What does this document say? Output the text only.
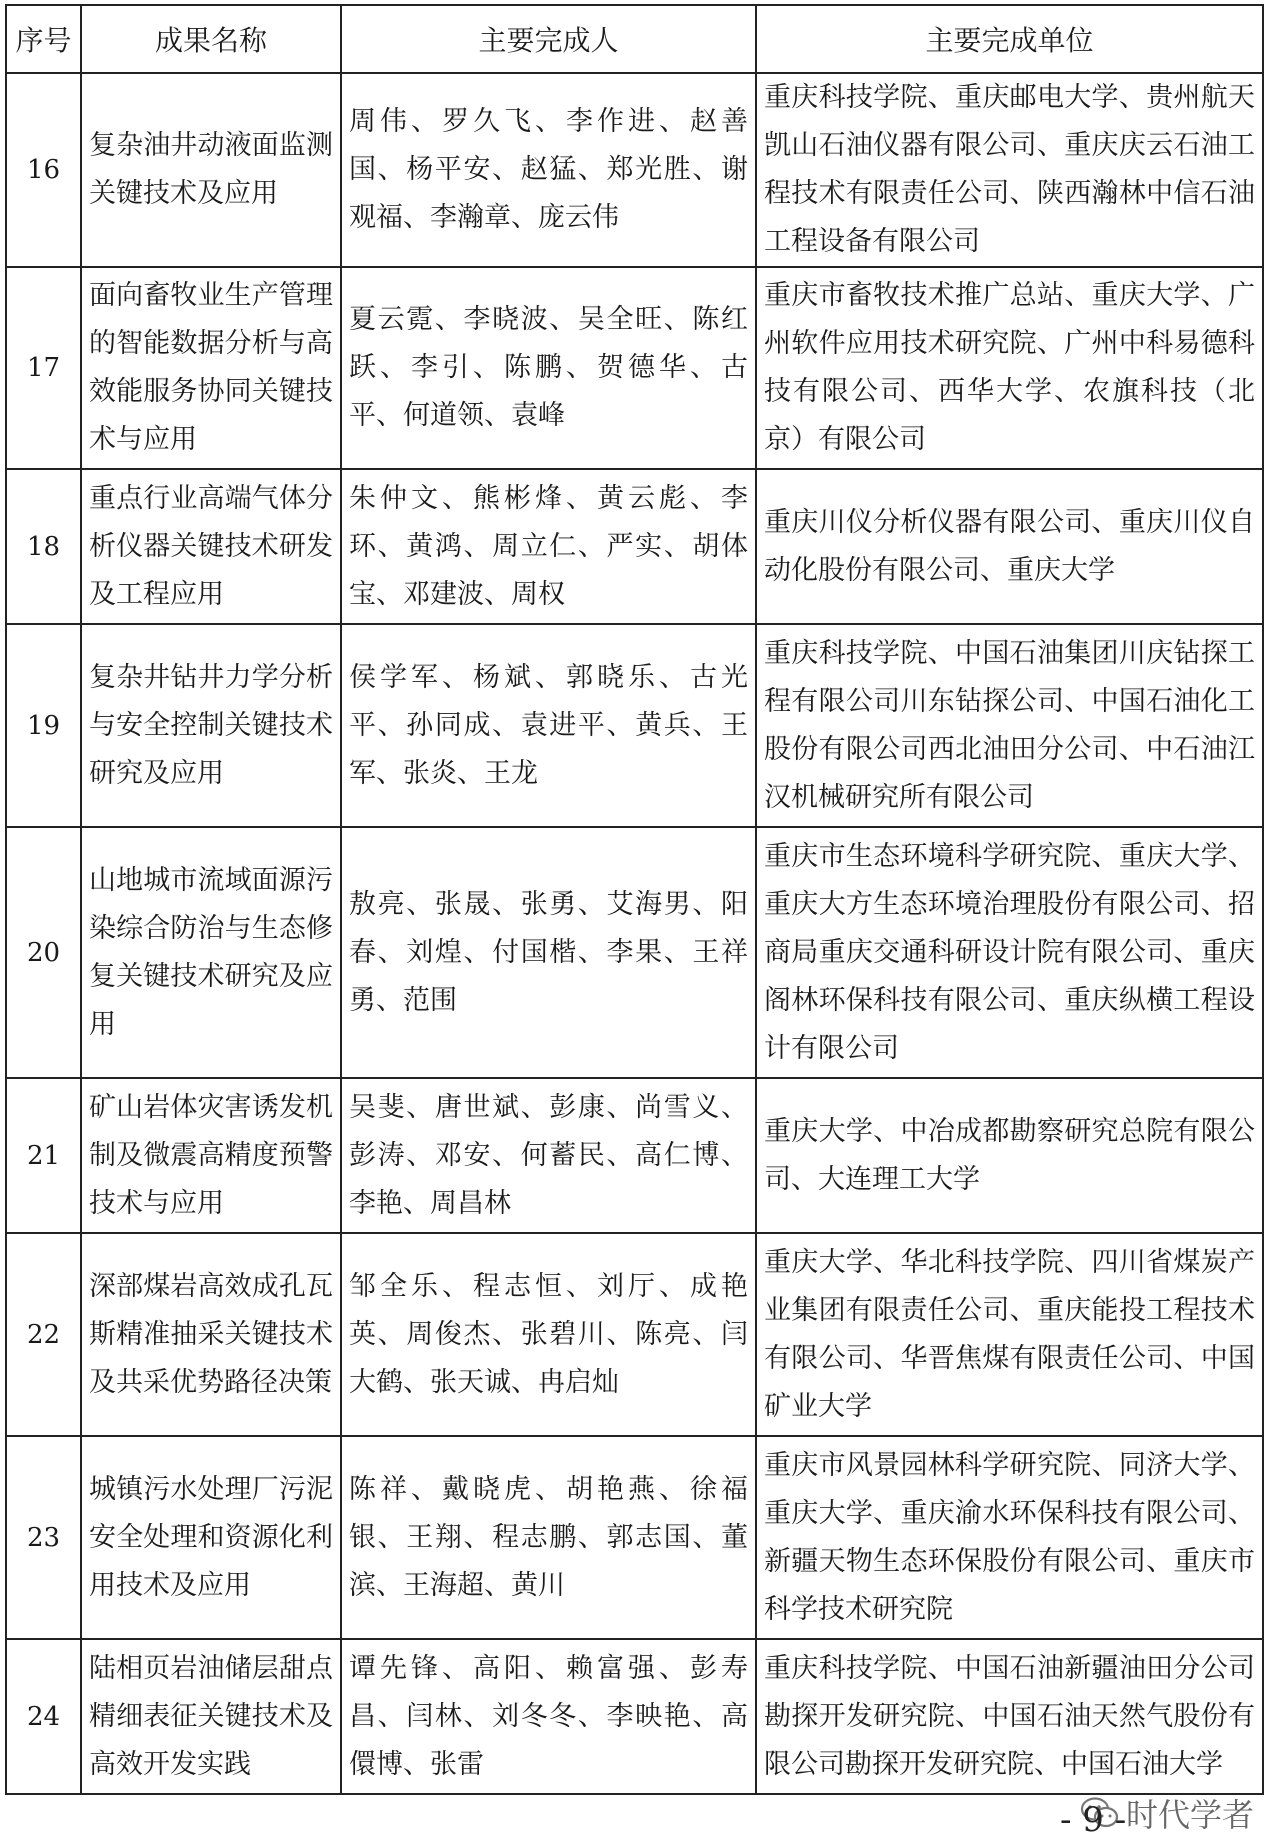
序号	成果名称	主要完成人	主要完成单位
16	复杂油井动液面监测关键技术及应用	周伟、罗久飞、李作进、赵善国、杨平安、赵猛、郑光胜、谢观福、李瀚章、庞云伟	重庆科技学院、重庆邮电大学、贵州航天凯山石油仪器有限公司、重庆庆云石油工程技术有限责任公司、陕西瀚林中信石油工程设备有限公司
17	面向畜牧业生产管理的智能数据分析与高效能服务协同关键技术与应用	夏云霓、李晓波、吴全旺、陈红跃、李引、陈鹏、贺德华、古平、何道领、袁峰	重庆市畜牧技术推广总站、重庆大学、广州软件应用技术研究院、广州中科易德科技有限公司、西华大学、农旗科技（北京）有限公司
18	重点行业高端气体分析仪器关键技术研发及工程应用	朱仲文、熊彬烽、黄云彪、李环、黄鸿、周立仁、严实、胡体宝、邓建波、周权	重庆川仪分析仪器有限公司、重庆川仪自动化股份有限公司、重庆大学
19	复杂井钻井力学分析与安全控制关键技术研究及应用	侯学军、杨斌、郭晓乐、古光平、孙同成、袁进平、黄兵、王军、张炎、王龙	重庆科技学院、中国石油集团川庆钻探工程有限公司川东钻探公司、中国石油化工股份有限公司西北油田分公司、中石油江汉机械研究所有限公司
20	山地城市流域面源污染综合防治与生态修复关键技术研究及应用	敖亮、张晟、张勇、艾海男、阳春、刘煌、付国楷、李果、王祥勇、范围	重庆市生态环境科学研究院、重庆大学、重庆大方生态环境治理股份有限公司、招商局重庆交通科研设计院有限公司、重庆阁林环保科技有限公司、重庆纵横工程设计有限公司
21	矿山岩体灾害诱发机制及微震高精度预警技术与应用	吴斐、唐世斌、彭康、尚雪义、彭涛、邓安、何蓄民、高仁博、李艳、周昌林	重庆大学、中冶成都勘察研究总院有限公司、大连理工大学
22	深部煤岩高效成孔瓦斯精准抽采关键技术及共采优势路径决策	邹全乐、程志恒、刘厅、成艳英、周俊杰、张碧川、陈亮、闫大鹤、张天诚、冉启灿	重庆大学、华北科技学院、四川省煤炭产业集团有限责任公司、重庆能投工程技术有限公司、华晋焦煤有限责任公司、中国矿业大学
23	城镇污水处理厂污泥安全处理和资源化利用技术及应用	陈祥、戴晓虎、胡艳燕、徐福银、王翔、程志鹏、郭志国、董滨、王海超、黄川	重庆市风景园林科学研究院、同济大学、重庆大学、重庆渝水环保科技有限公司、新疆天物生态环保股份有限公司、重庆市科学技术研究院
24	陆相页岩油储层甜点精细表征关键技术及高效开发实践	谭先锋、高阳、赖富强、彭寿昌、闫林、刘冬冬、李映艳、高儇博、张雷	重庆科技学院、中国石油新疆油田分公司勘探开发研究院、中国石油天然气股份有限公司勘探开发研究院、中国石油大学
时代学者
- 9 -
